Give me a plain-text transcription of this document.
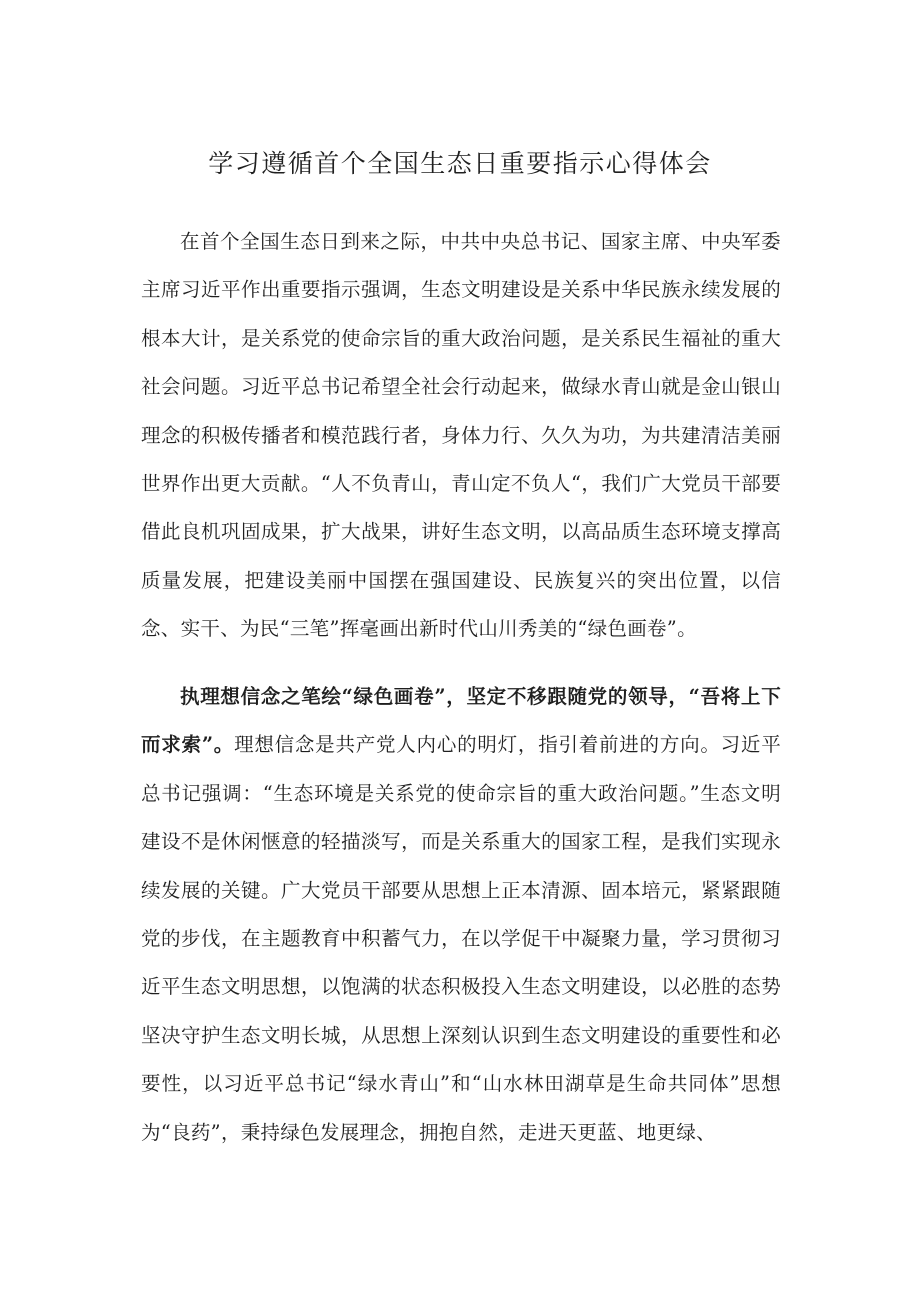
学习遵循首个全国生态日重要指示心得体会

在首个全国生态日到来之际，中共中央总书记、国家主席、中央军委主席习近平作出重要指示强调，生态文明建设是关系中华民族永续发展的根本大计，是关系党的使命宗旨的重大政治问题，是关系民生福祉的重大社会问题。习近平总书记希望全社会行动起来，做绿水青山就是金山银山理念的积极传播者和模范践行者，身体力行、久久为功，为共建清洁美丽世界作出更大贡献。“人不负青山，青山定不负人“，我们广大党员干部要借此良机巩固成果，扩大战果，讲好生态文明，以高品质生态环境支撑高质量发展，把建设美丽中国摆在强国建设、民族复兴的突出位置，以信念、实干、为民“三笔”挥毫画出新时代山川秀美的“绿色画卷”。

执理想信念之笔绘“绿色画卷”，坚定不移跟随党的领导，“吾将上下而求索”。理想信念是共产党人内心的明灯，指引着前进的方向。习近平总书记强调：“生态环境是关系党的使命宗旨的重大政治问题。”生态文明建设不是休闲惬意的轻描淡写，而是关系重大的国家工程，是我们实现永续发展的关键。广大党员干部要从思想上正本清源、固本培元，紧紧跟随党的步伐，在主题教育中积蓄气力，在以学促干中凝聚力量，学习贯彻习近平生态文明思想，以饱满的状态积极投入生态文明建设，以必胜的态势坚决守护生态文明长城，从思想上深刻认识到生态文明建设的重要性和必要性，以习近平总书记“绿水青山”和“山水林田湖草是生命共同体”思想为“良药”，秉持绿色发展理念，拥抱自然，走进天更蓝、地更绿、
